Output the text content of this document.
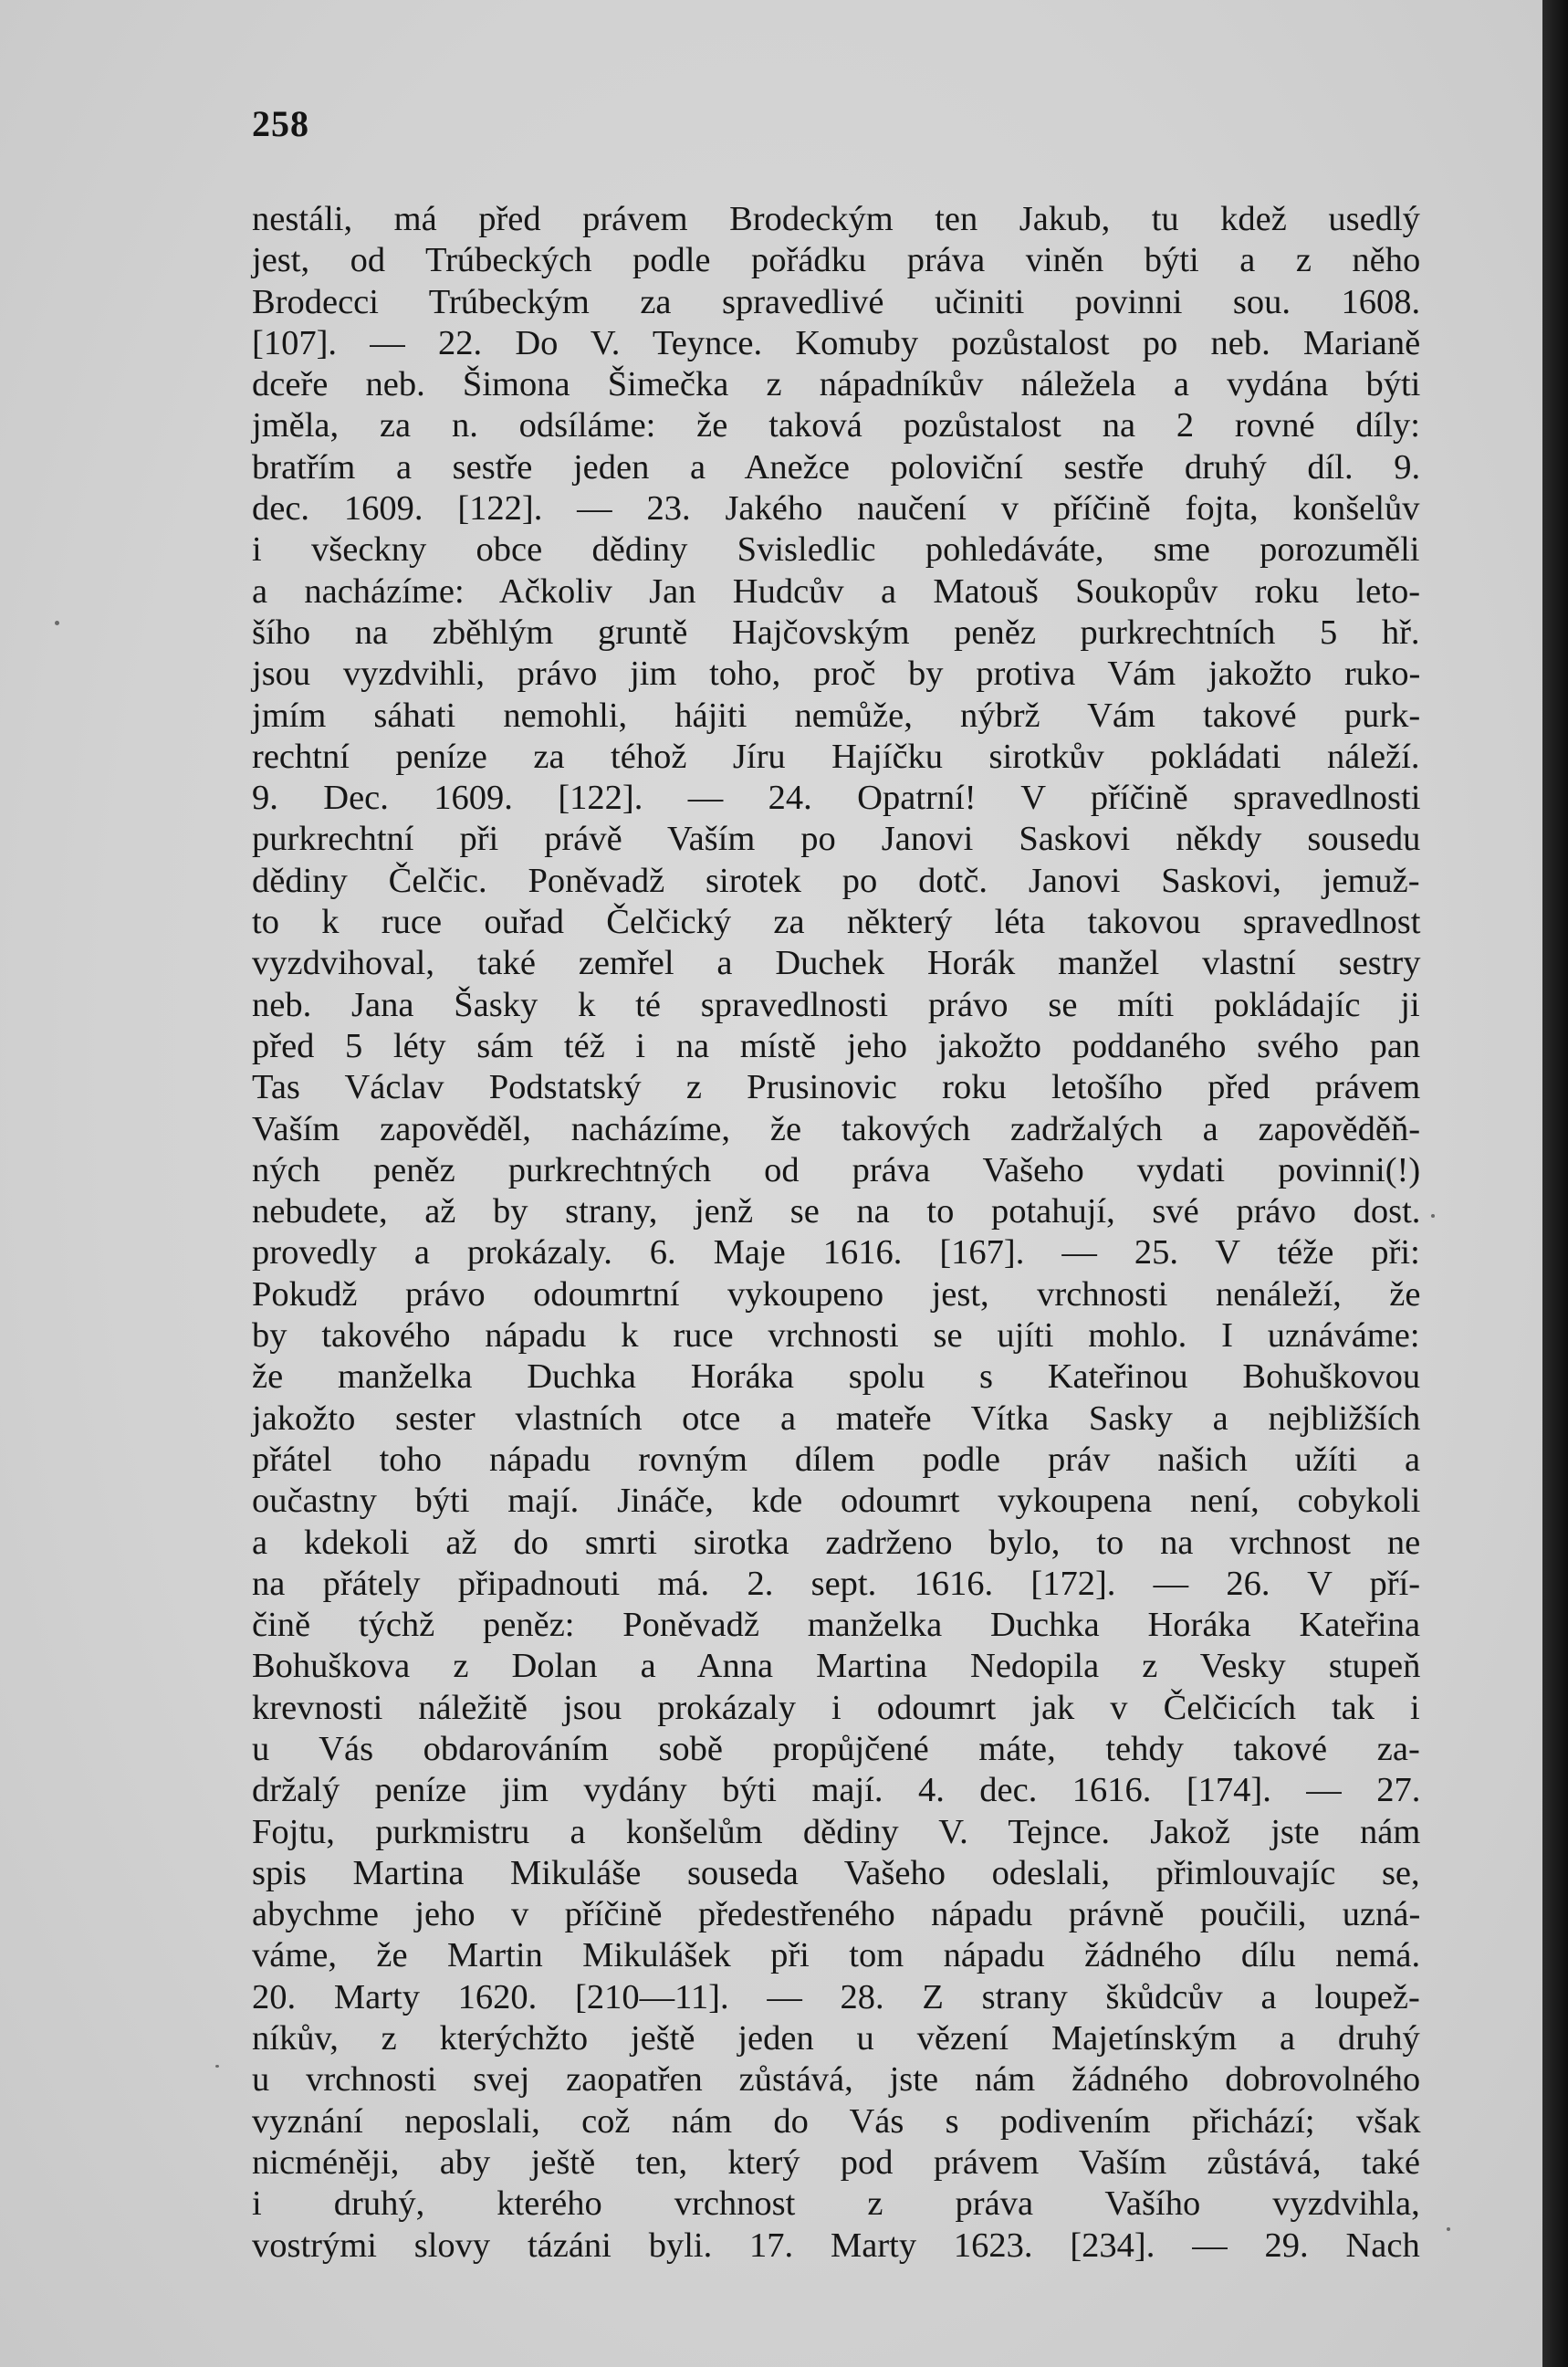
258
nestáli, má před právem Brodeckým ten Jakub, tu kdež usedlý
jest, od Trúbeckých podle pořádku práva viněn býti a z něho
Brodecci Trúbeckým za spravedlivé učiniti povinni sou. 1608.
[107]. — 22. Do V. Teynce. Komuby pozůstalost po neb. Marianě
dceře neb. Šimona Šimečka z nápadníkův náležela a vydána býti
jměla, za n. odsíláme: že taková pozůstalost na 2 rovné díly:
bratřím a sestře jeden a Anežce poloviční sestře druhý díl. 9.
dec. 1609. [122]. — 23. Jakého naučení v příčině fojta, konšelův
i všeckny obce dědiny Svisledlic pohledáváte, sme porozuměli
a nacházíme: Ačkoliv Jan Hudcův a Matouš Soukopův roku leto-
šího na zběhlým gruntě Hajčovským peněz purkrechtních 5 hř.
jsou vyzdvihli, právo jim toho, proč by protiva Vám jakožto ruko-
jmím sáhati nemohli, hájiti nemůže, nýbrž Vám takové purk-
rechtní peníze za téhož Jíru Hajíčku sirotkův pokládati náleží.
9. Dec. 1609. [122]. — 24. Opatrní! V příčině spravedlnosti
purkrechtní při právě Vaším po Janovi Saskovi někdy sousedu
dědiny Čelčic. Poněvadž sirotek po dotč. Janovi Saskovi, jemuž-
to k ruce ouřad Čelčický za některý léta takovou spravedlnost
vyzdvihoval, také zemřel a Duchek Horák manžel vlastní sestry
neb. Jana Šasky k té spravedlnosti právo se míti pokládajíc ji
před 5 léty sám též i na místě jeho jakožto poddaného svého pan
Tas Václav Podstatský z Prusinovic roku letošího před právem
Vaším zapověděl, nacházíme, že takových zadržalých a zapověděň-
ných peněz purkrechtných od práva Vašeho vydati povinni(!)
nebudete, až by strany, jenž se na to potahují, své právo dost.
provedly a prokázaly. 6. Maje 1616. [167]. — 25. V téže při:
Pokudž právo odoumrtní vykoupeno jest, vrchnosti nenáleží, že
by takového nápadu k ruce vrchnosti se ujíti mohlo. I uznáváme:
že manželka Duchka Horáka spolu s Kateřinou Bohuškovou
jakožto sester vlastních otce a mateře Vítka Sasky a nejbližších
přátel toho nápadu rovným dílem podle práv našich užíti a
oučastny býti mají. Jináče, kde odoumrt vykoupena není, cobykoli
a kdekoli až do smrti sirotka zadrženo bylo, to na vrchnost ne
na přátely připadnouti má. 2. sept. 1616. [172]. — 26. V pří-
čině týchž peněz: Poněvadž manželka Duchka Horáka Kateřina
Bohuškova z Dolan a Anna Martina Nedopila z Vesky stupeň
krevnosti náležitě jsou prokázaly i odoumrt jak v Čelčicích tak i
u Vás obdarováním sobě propůjčené máte, tehdy takové za-
držalý peníze jim vydány býti mají. 4. dec. 1616. [174]. — 27.
Fojtu, purkmistru a konšelům dědiny V. Tejnce. Jakož jste nám
spis Martina Mikuláše souseda Vašeho odeslali, přimlouvajíc se,
abychme jeho v příčině předestřeného nápadu právně poučili, uzná-
váme, že Martin Mikulášek při tom nápadu žádného dílu nemá.
20. Marty 1620. [210—11]. — 28. Z strany škůdcův a loupež-
níkův, z kterýchžto ještě jeden u vězení Majetínským a druhý
u vrchnosti svej zaopatřen zůstává, jste nám žádného dobrovolného
vyznání neposlali, což nám do Vás s podivením přichází; však
nicméněji, aby ještě ten, který pod právem Vaším zůstává, také
i druhý, kterého vrchnost z práva Vašího vyzdvihla,
vostrými slovy tázáni byli. 17. Marty 1623. [234]. — 29. Nach
